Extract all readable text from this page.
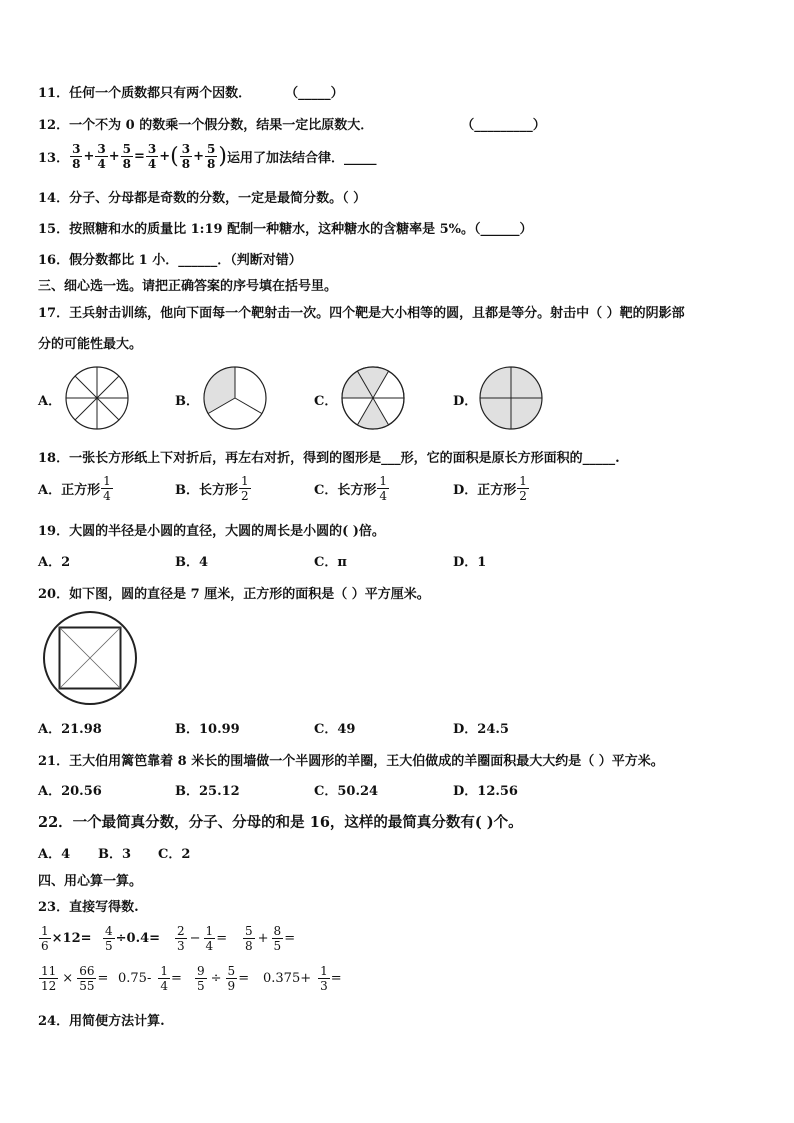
11．任何一个质数都只有两个因数．	（_____）
12．一个不为 0 的数乘一个假分数，结果一定比原数大．	（_________）
13． $\frac{3}{8} + \frac{3}{4} + \frac{5}{8} = \frac{3}{4}$ + ( $\frac{3}{8} + \frac{5}{8}$ ) 运用了加法结合律．_____
14．分子、分母都是奇数的分数，一定是最简分数。（ ）
15．按照糖和水的质量比 1:19 配制一种糖水，这种糖水的含糖率是 5%。（______）
16．假分数都比 1 小．______．（判断对错）
三、细心选一选。请把正确答案的序号填在括号里。
17．王兵射击训练，他向下面每一个靶射击一次。四个靶是大小相等的圆，且都是等分。射击中（ ）靶的阴影部
分的可能性最大。
A．	B．	C．	D．
18．一张长方形纸上下对折后，再左右对折，得到的图形是___形，它的面积是原长方形面积的_____.
A． 正方形 $\frac{1}{4}$	B． 长方形 $\frac{1}{2}$	C． 长方形 $\frac{1}{4}$	D． 正方形 $\frac{1}{2}$
19．大圆的半径是小圆的直径，大圆的周长是小圆的( )倍。
A．2	B．4	C．π	D．1
20．如下图，圆的直径是 7 厘米，正方形的面积是（ ）平方厘米。
A．21.98	B．10.99	C．49	D．24.5
21．王大伯用篱笆靠着 8 米长的围墙做一个半圆形的羊圈，王大伯做成的羊圈面积最大大约是（ ）平方米。
A．20.56	B．25.12	C．50.24	D．12.56
22．一个最简真分数，分子、分母的和是 16，这样的最简真分数有( )个。
A．4 B．3 C．2
四、用心算一算。
23．直接写得数.
$\frac{1}{6} \times 12= \frac{4}{5} \div 0.4= \frac{2}{3} - \frac{1}{4} = \frac{5}{8} + \frac{8}{5}$ =
$\frac{11}{12} \times \frac{66}{55} = 0.75- \frac{1}{4} = \frac{9}{5} \div \frac{5}{9} = 0.375+ \frac{1}{3}$ =
24．用简便方法计算.
